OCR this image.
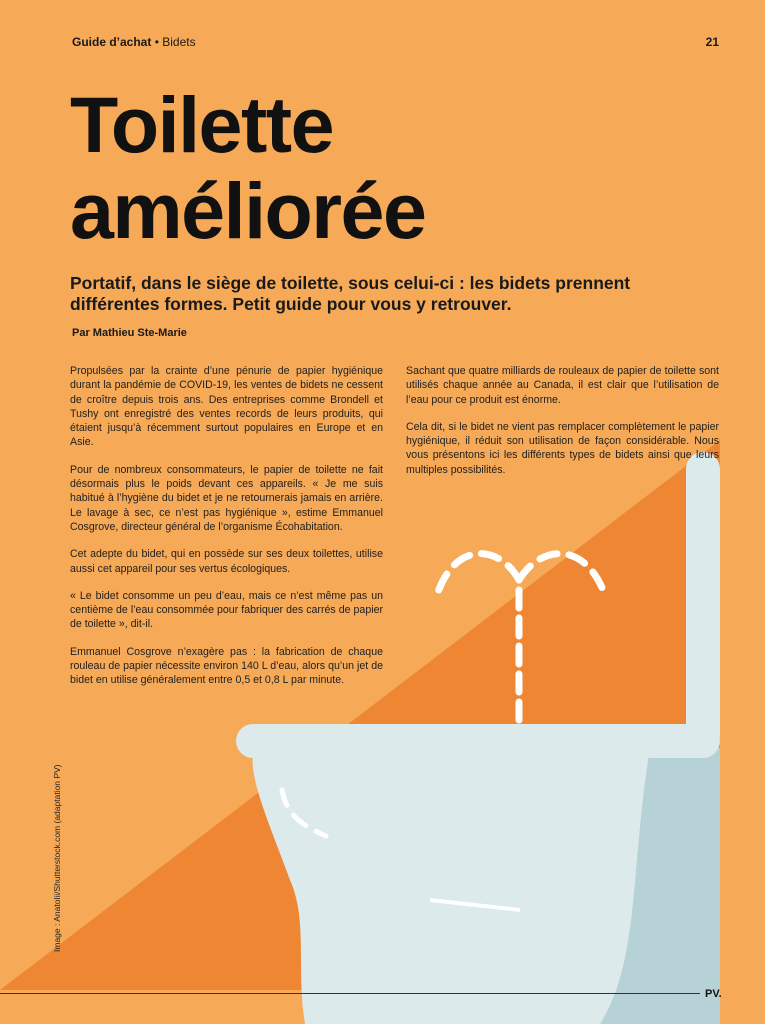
Guide d’achat • Bidets	21
Toilette
améliorée

Portatif, dans le siège de toilette, sous celui-ci : les bidets prennent différentes formes. Petit guide pour vous y retrouver.

Par Mathieu Ste-Marie

Propulsées par la crainte d’une pénurie de papier hygiénique durant la pandémie de COVID-19, les ventes de bidets ne cessent de croître depuis trois ans. Des entreprises comme Brondell et Tushy ont enregistré des ventes records de leurs produits, qui étaient jusqu’à récemment surtout populaires en Europe et en Asie.

Pour de nombreux consommateurs, le papier de toilette ne fait désormais plus le poids devant ces appareils. « Je me suis habitué à l’hygiène du bidet et je ne retournerais jamais en arrière. Le lavage à sec, ce n’est pas hygiénique », estime Emmanuel Cosgrove, directeur général de l’organisme Écohabitation.

Cet adepte du bidet, qui en possède sur ses deux toilettes, utilise aussi cet appareil pour ses vertus écologiques.

« Le bidet consomme un peu d’eau, mais ce n’est même pas un centième de l’eau consommée pour fabriquer des carrés de papier de toilette », dit-il.

Emmanuel Cosgrove n’exagère pas : la fabrication de chaque rouleau de papier nécessite environ 140 L d’eau, alors qu’un jet de bidet en utilise généralement entre 0,5 et 0,8 L par minute.

Sachant que quatre milliards de rouleaux de papier de toilette sont utilisés chaque année au Canada, il est clair que l’utilisation de l’eau pour ce produit est énorme.

Cela dit, si le bidet ne vient pas remplacer complètement le papier hygiénique, il réduit son utilisation de façon considérable. Nous vous présentons ici les différents types de bidets ainsi que leurs multiples possibilités.

Image : Anatolii/Shutterstock.com (adaptation PV)
PV.
